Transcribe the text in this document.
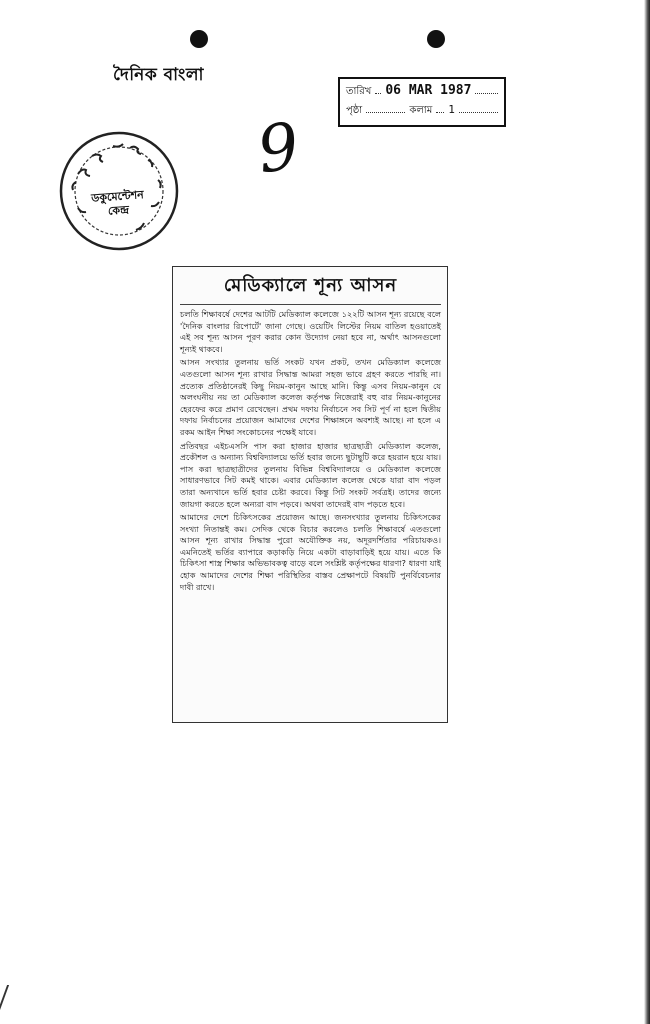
দৈনিক বাংলা
তারিখ 06 MAR 1987
পৃষ্ঠা	কলাম 1
9
ডকুমেন্টেশন
কেন্দ্র
মেডিক্যালে শূন্য আসন

চলতি শিক্ষাবর্ষে দেশের আটটি মেডিক্যাল কলেজে ১২২টি আসন শূন্য রয়েছে বলে 'দৈনিক বাংলার রিপোর্টে' জানা গেছে। ওয়েটিং লিস্টের নিয়ম বাতিল হওয়াতেই এই সব শূন্য আসন পূরণ করার কোন উদ্যোগ নেয়া হবে না, অর্থাৎ আসনগুলো শূন্যই থাকবে।

আসন সংখ্যার তুলনায় ভর্তি সংকট যখন প্রকট, তখন মেডিক্যাল কলেজে এতগুলো আসন শূন্য রাখার সিদ্ধান্ত আমরা সহজ ভাবে গ্রহণ করতে পারছি না। প্রত্যেক প্রতিষ্ঠানেরই কিছু নিয়ম-কানুন আছে মানি। কিন্তু এসব নিয়ম-কানুন যে অলংঘনীয় নয় তা মেডিক্যাল কলেজ কর্তৃপক্ষ নিজেরাই বহু বার নিয়ম-কানুনের হেরফের করে প্রমাণ রেখেছেন। প্রথম দফায় নির্বাচনে সব সিট পূর্ণ না হলে দ্বিতীয় দফায় নির্বাচনের প্রয়োজন আমাদের দেশের শিক্ষাঙ্গনে অবশ্যই আছে। না হলে এ রকম আইন শিক্ষা সংকোচনের পক্ষেই যাবে।

প্রতিবছর এইচএসসি পাস করা হাজার হাজার ছাত্রছাত্রী মেডিক্যাল কলেজ, প্রকৌশল ও অন্যান্য বিশ্ববিদ্যালয়ে ভর্তি হবার জন্যে ছুটাছুটি করে হয়রান হয়ে যায়। পাস করা ছাত্রছাত্রীদের তুলনায় বিভিন্ন বিশ্ববিদ্যালয়ে ও মেডিক্যাল কলেজে সাধারণভাবে সিট কমই থাকে। এবার মেডিক্যাল কলেজ থেকে যারা বাদ পড়ল তারা অন্যখানে ভর্তি হবার চেষ্টা করবে। কিন্তু সিট সংকট সর্বত্রই। তাদের জন্যে জায়গা করতে হলে অন্যরা বাদ পড়বে। অথবা তাদেরই বাদ পড়তে হবে।

আমাদের দেশে চিকিৎসকের প্রয়োজন আছে। জনসংখ্যার তুলনায় চিকিৎসকের সংখ্যা নিতান্তই কম। সেদিক থেকে বিচার করলেও চলতি শিক্ষাবর্ষে এতগুলো আসন শূন্য রাখার সিদ্ধান্ত পুরো অযৌক্তিক নয়, অদূরদর্শিতার পরিচায়কও। এমনিতেই ভর্তির ব্যাপারে কড়াকড়ি নিয়ে একটা বাড়াবাড়িই হয়ে যায়। এতে কি চিকিৎসা শাস্ত্র শিক্ষার অভিভাবকত্ব বাড়ে বলে সংশ্লিষ্ট কর্তৃপক্ষের ধারণা? ধারণা যাই হোক আমাদের দেশের শিক্ষা পরিস্থিতির বাস্তব প্রেক্ষাপটে বিষয়টি পুনর্বিবেচনার দাবী রাখে।
